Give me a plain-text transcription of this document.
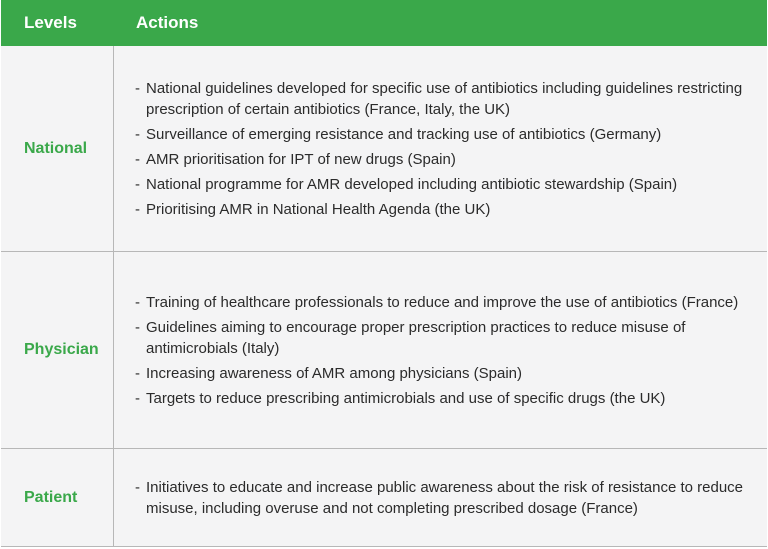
Levels	Actions
National
- National guidelines developed for specific use of antibiotics including guidelines restricting prescription of certain antibiotics (France, Italy, the UK)
- Surveillance of emerging resistance and tracking use of antibiotics (Germany)
- AMR prioritisation for IPT of new drugs (Spain)
- National programme for AMR developed including antibiotic stewardship (Spain)
- Prioritising AMR in National Health Agenda (the UK)
Physician
- Training of healthcare professionals to reduce and improve the use of antibiotics (France)
- Guidelines aiming to encourage proper prescription practices to reduce misuse of antimicrobials (Italy)
- Increasing awareness of AMR among physicians (Spain)
- Targets to reduce prescribing antimicrobials and use of specific drugs (the UK)
Patient
- Initiatives to educate and increase public awareness about the risk of resistance to reduce misuse, including overuse and not completing prescribed dosage (France)
